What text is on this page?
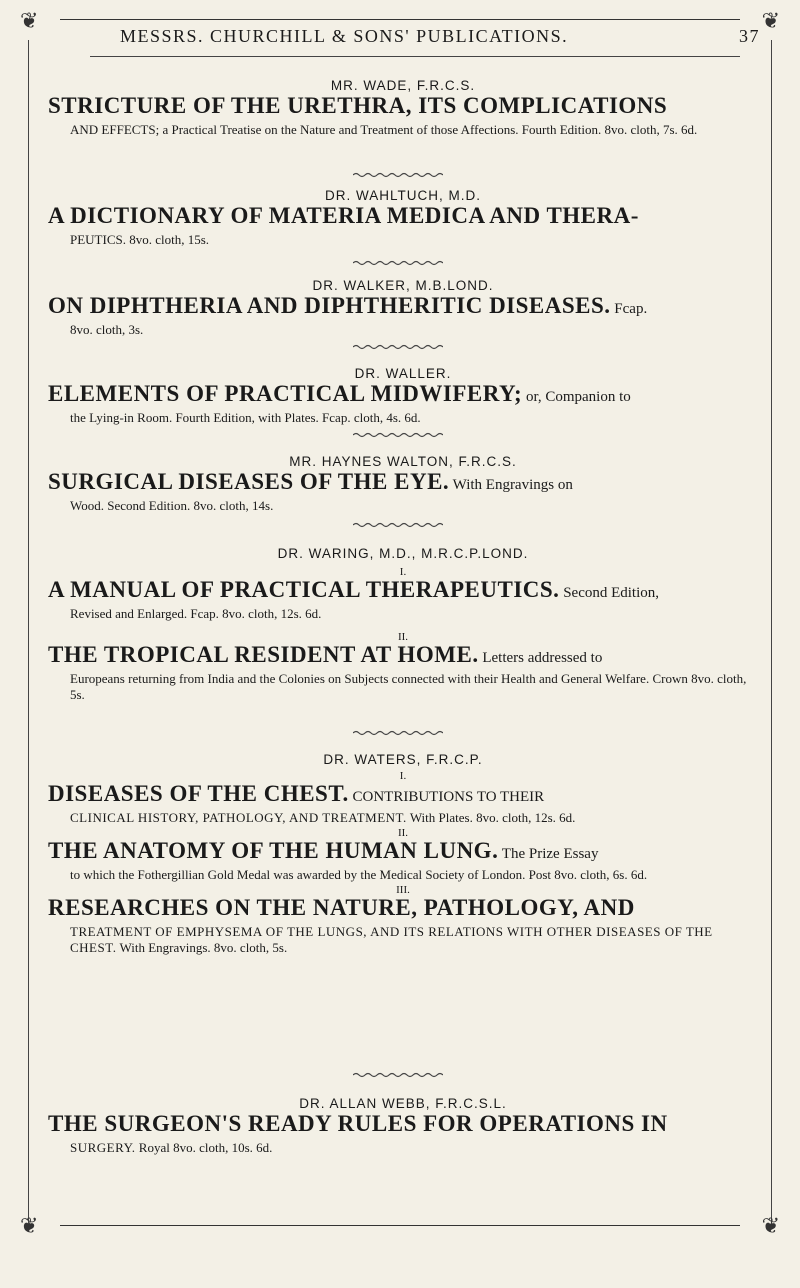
❦	❦
❦	❦
MESSRS. CHURCHILL & SONS' PUBLICATIONS.	37

MR. WADE, F.R.C.S.

STRICTURE OF THE URETHRA, ITS COMPLICATIONS

AND EFFECTS; a Practical Treatise on the Nature and Treatment of those Affections. Fourth Edition. 8vo. cloth, 7s. 6d.

DR. WAHLTUCH, M.D.

A DICTIONARY OF MATERIA MEDICA AND THERA-

PEUTICS. 8vo. cloth, 15s.

DR. WALKER, M.B.LOND.

ON DIPHTHERIA AND DIPHTHERITIC DISEASES. Fcap.

8vo. cloth, 3s.

DR. WALLER.

ELEMENTS OF PRACTICAL MIDWIFERY; or, Companion to

the Lying-in Room. Fourth Edition, with Plates. Fcap. cloth, 4s. 6d.

MR. HAYNES WALTON, F.R.C.S.

SURGICAL DISEASES OF THE EYE. With Engravings on

Wood. Second Edition. 8vo. cloth, 14s.

DR. WARING, M.D., M.R.C.P.LOND.

I.

A MANUAL OF PRACTICAL THERAPEUTICS. Second Edition,

Revised and Enlarged. Fcap. 8vo. cloth, 12s. 6d.

II.

THE TROPICAL RESIDENT AT HOME. Letters addressed to

Europeans returning from India and the Colonies on Subjects connected with their Health and General Welfare. Crown 8vo. cloth, 5s.

DR. WATERS, F.R.C.P.

I.

DISEASES OF THE CHEST. CONTRIBUTIONS TO THEIR

CLINICAL HISTORY, PATHOLOGY, AND TREATMENT. With Plates. 8vo. cloth, 12s. 6d.

II.

THE ANATOMY OF THE HUMAN LUNG. The Prize Essay

to which the Fothergillian Gold Medal was awarded by the Medical Society of London. Post 8vo. cloth, 6s. 6d.

III.

RESEARCHES ON THE NATURE, PATHOLOGY, AND

TREATMENT OF EMPHYSEMA OF THE LUNGS, AND ITS RELATIONS WITH OTHER DISEASES OF THE CHEST. With Engravings. 8vo. cloth, 5s.

DR. ALLAN WEBB, F.R.C.S.L.

THE SURGEON'S READY RULES FOR OPERATIONS IN

SURGERY. Royal 8vo. cloth, 10s. 6d.
